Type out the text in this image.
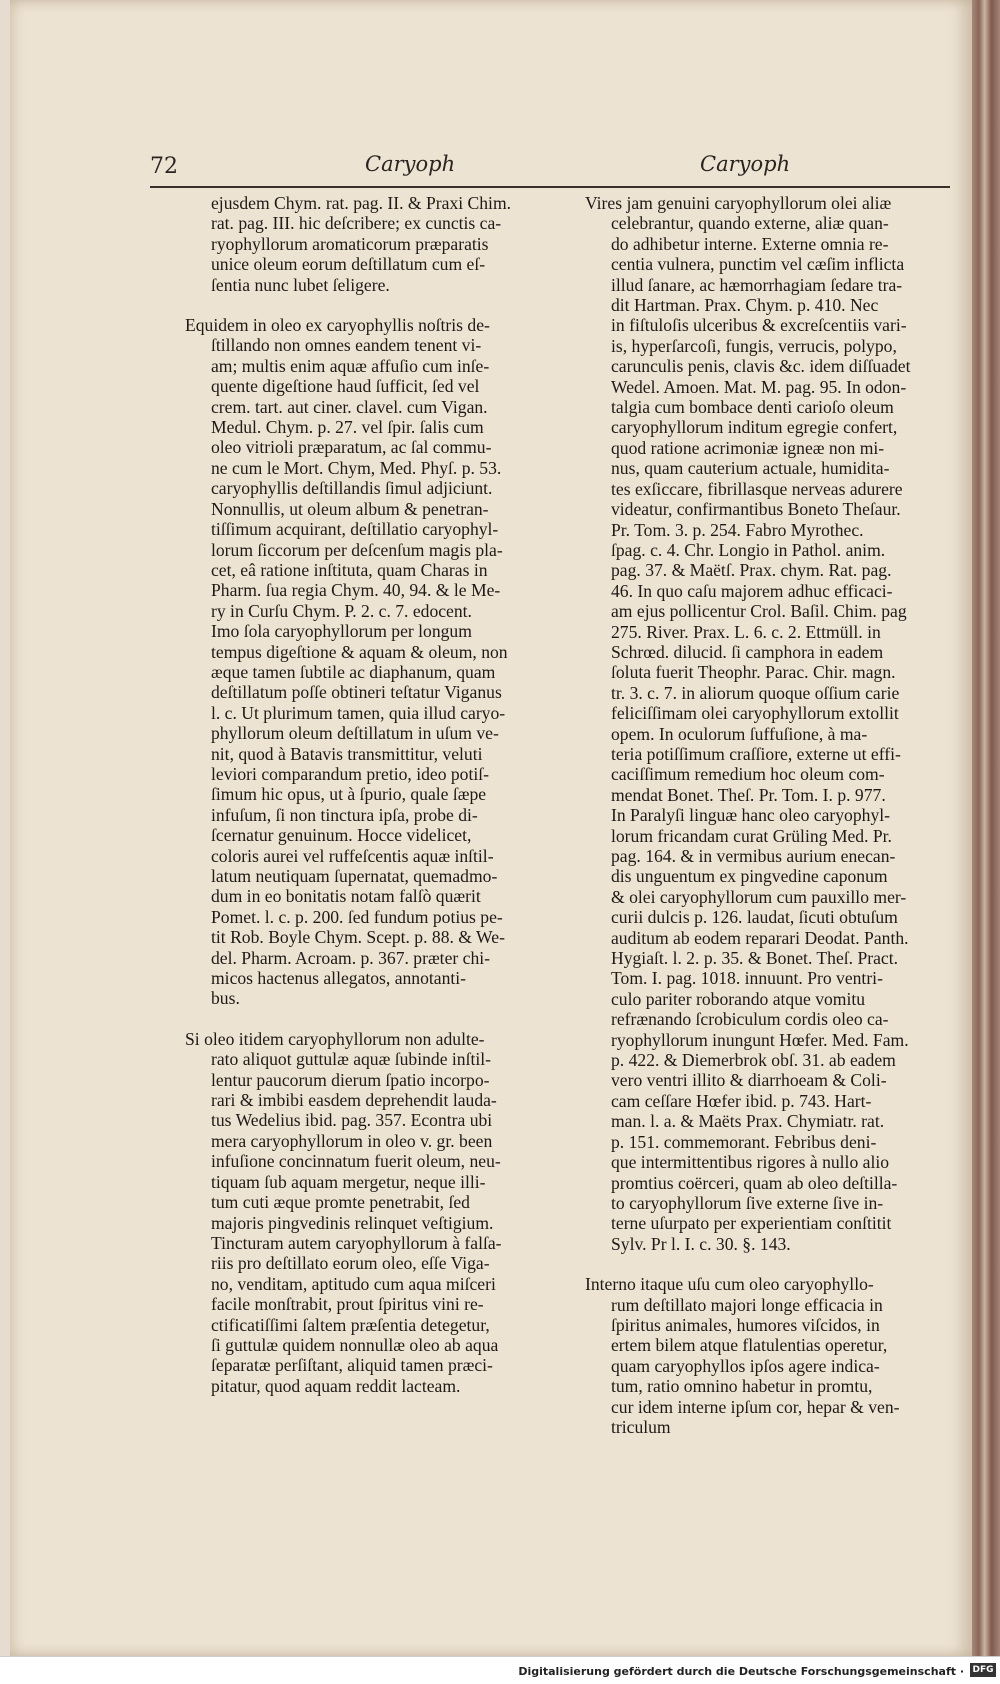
72	Caryoph	Caryoph
ejusdem Chym. rat. pag. II. & Praxi Chim.
rat. pag. III. hic deſcribere; ex cunctis ca-
ryophyllorum aromaticorum præparatis
unice oleum eorum deſtillatum cum eſ-
ſentia nunc lubet ſeligere.
Equidem in oleo ex caryophyllis noſtris de-
ſtillando non omnes eandem tenent vi-
am; multis enim aquæ affuſio cum inſe-
quente digeſtione haud ſufficit, ſed vel
crem. tart. aut ciner. clavel. cum Vigan.
Medul. Chym. p. 27. vel ſpir. ſalis cum
oleo vitrioli præparatum, ac ſal commu-
ne cum le Mort. Chym, Med. Phyſ. p. 53.
caryophyllis deſtillandis ſimul adjiciunt.
Nonnullis, ut oleum album & penetran-
tiſſimum acquirant, deſtillatio caryophyl-
lorum ſiccorum per deſcenſum magis pla-
cet, eâ ratione inſtituta, quam Charas in
Pharm. ſua regia Chym. 40, 94. & le Me-
ry in Curſu Chym. P. 2. c. 7. edocent.
Imo ſola caryophyllorum per longum
tempus digeſtione & aquam & oleum, non
æque tamen ſubtile ac diaphanum, quam
deſtillatum poſſe obtineri teſtatur Viganus
l. c. Ut plurimum tamen, quia illud caryo-
phyllorum oleum deſtillatum in uſum ve-
nit, quod à Batavis transmittitur, veluti
leviori comparandum pretio, ideo potiſ-
ſimum hic opus, ut à ſpurio, quale ſæpe
infuſum, ſi non tinctura ipſa, probe di-
ſcernatur genuinum. Hocce videlicet,
coloris aurei vel ruffeſcentis aquæ inſtil-
latum neutiquam ſupernatat, quemadmo-
dum in eo bonitatis notam falſò quærit
Pomet. l. c. p. 200. ſed fundum potius pe-
tit Rob. Boyle Chym. Scept. p. 88. & We-
del. Pharm. Acroam. p. 367. præter chi-
micos hactenus allegatos, annotanti-
bus.
Si oleo itidem caryophyllorum non adulte-
rato aliquot guttulæ aquæ ſubinde inſtil-
lentur paucorum dierum ſpatio incorpo-
rari & imbibi easdem deprehendit lauda-
tus Wedelius ibid. pag. 357. Econtra ubi
mera caryophyllorum in oleo v. gr. been
infuſione concinnatum fuerit oleum, neu-
tiquam ſub aquam mergetur, neque illi-
tum cuti æque promte penetrabit, ſed
majoris pingvedinis relinquet veſtigium.
Tincturam autem caryophyllorum à falſa-
riis pro deſtillato eorum oleo, eſſe Viga-
no, venditam, aptitudo cum aqua miſceri
facile monſtrabit, prout ſpiritus vini re-
ctificatiſſimi ſaltem præſentia detegetur,
ſi guttulæ quidem nonnullæ oleo ab aqua
ſeparatæ perſiſtant, aliquid tamen præci-
pitatur, quod aquam reddit lacteam.
Vires jam genuini caryophyllorum olei aliæ
celebrantur, quando externe, aliæ quan-
do adhibetur interne. Externe omnia re-
centia vulnera, punctim vel cæſim inflicta
illud ſanare, ac hæmorrhagiam ſedare tra-
dit Hartman. Prax. Chym. p. 410. Nec
in fiſtuloſis ulceribus & excreſcentiis vari-
is, hyperſarcoſi, fungis, verrucis, polypo,
carunculis penis, clavis &c. idem diſſuadet
Wedel. Amoen. Mat. M. pag. 95. In odon-
talgia cum bombace denti carioſo oleum
caryophyllorum inditum egregie confert,
quod ratione acrimoniæ igneæ non mi-
nus, quam cauterium actuale, humidita-
tes exſiccare, fibrillasque nerveas adurere
videatur, confirmantibus Boneto Theſaur.
Pr. Tom. 3. p. 254. Fabro Myrothec.
ſpag. c. 4. Chr. Longio in Pathol. anim.
pag. 37. & Maëtſ. Prax. chym. Rat. pag.
46. In quo caſu majorem adhuc efficaci-
am ejus pollicentur Crol. Baſil. Chim. pag
275. River. Prax. L. 6. c. 2. Ettmüll. in
Schrœd. dilucid. ſi camphora in eadem
ſoluta fuerit Theophr. Parac. Chir. magn.
tr. 3. c. 7. in aliorum quoque oſſium carie
feliciſſimam olei caryophyllorum extollit
opem. In oculorum ſuffuſione, à ma-
teria potiſſimum craſſiore, externe ut effi-
caciſſimum remedium hoc oleum com-
mendat Bonet. Theſ. Pr. Tom. I. p. 977.
In Paralyſi linguæ hanc oleo caryophyl-
lorum fricandam curat Grüling Med. Pr.
pag. 164. & in vermibus aurium enecan-
dis unguentum ex pingvedine caponum
& olei caryophyllorum cum pauxillo mer-
curii dulcis p. 126. laudat, ſicuti obtuſum
auditum ab eodem reparari Deodat. Panth.
Hygiaſt. l. 2. p. 35. & Bonet. Theſ. Pract.
Tom. I. pag. 1018. innuunt. Pro ventri-
culo pariter roborando atque vomitu
refrænando ſcrobiculum cordis oleo ca-
ryophyllorum inungunt Hœfer. Med. Fam.
p. 422. & Diemerbrok obſ. 31. ab eadem
vero ventri illito & diarrhoeam & Coli-
cam ceſſare Hœfer ibid. p. 743. Hart-
man. l. a. & Maëts Prax. Chymiatr. rat.
p. 151. commemorant. Febribus deni-
que intermittentibus rigores à nullo alio
promtius coërceri, quam ab oleo deſtilla-
to caryophyllorum ſive externe ſive in-
terne uſurpato per experientiam conſtitit
Sylv. Pr l. I. c. 30. §. 143.
Interno itaque uſu cum oleo caryophyllo-
rum deſtillato majori longe efficacia in
ſpiritus animales, humores viſcidos, in
ertem bilem atque flatulentias operetur,
quam caryophyllos ipſos agere indica-
tum, ratio omnino habetur in promtu,
cur idem interne ipſum cor, hepar & ven-
triculum
Digitalisierung gefördert durch die Deutsche Forschungsgemeinschaft · DFG
